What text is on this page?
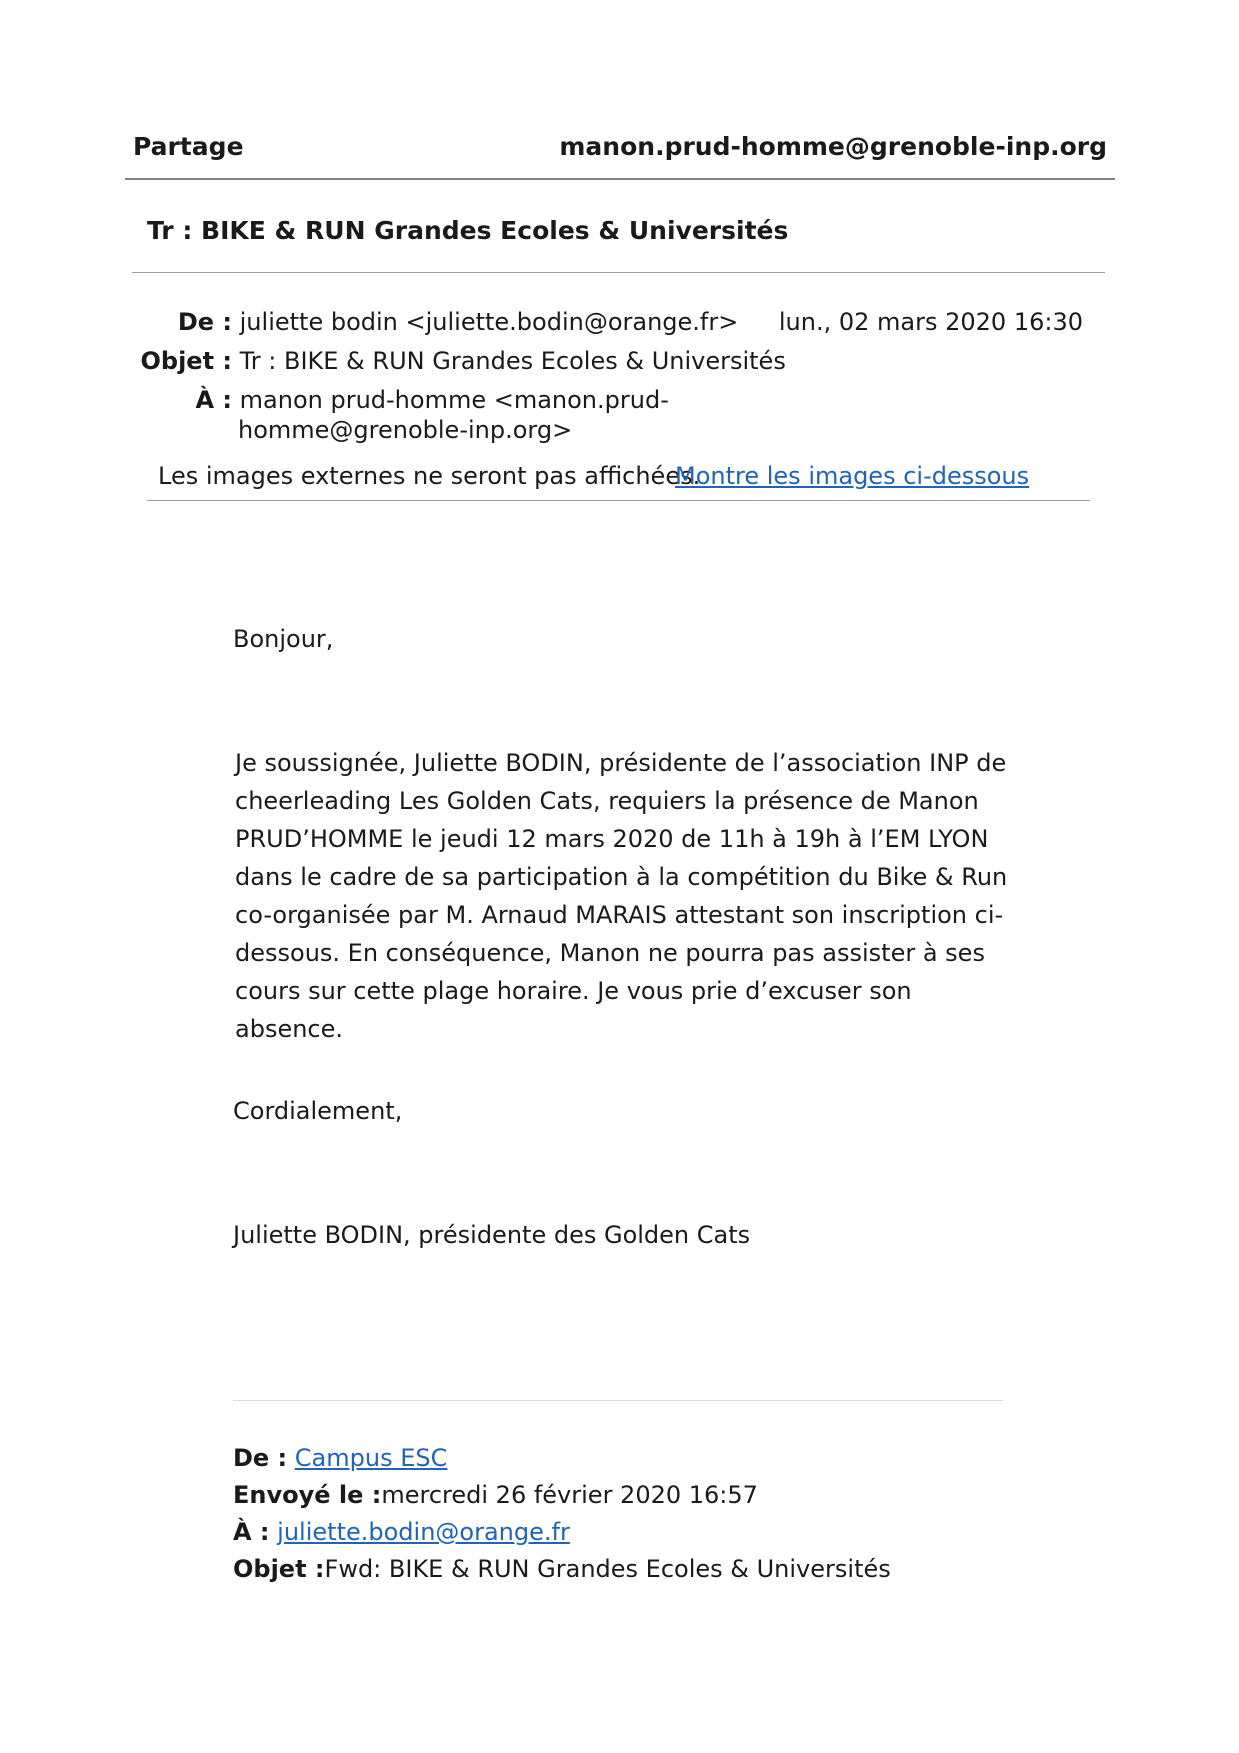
Partage	manon.prud-homme@grenoble-inp.org
Tr : BIKE & RUN Grandes Ecoles & Universités
De : juliette bodin <juliette.bodin@orange.fr> lun., 02 mars 2020 16:30
Objet : Tr : BIKE & RUN Grandes Ecoles & Universités
À : manon prud-homme <manon.prud-
homme@grenoble-inp.org>
Les images externes ne seront pas affichées.
Montre les images ci-dessous
Bonjour,
Je soussignée, Juliette BODIN, présidente de l’association INP de cheerleading Les Golden Cats, requiers la présence de Manon PRUD’HOMME le jeudi 12 mars 2020 de 11h à 19h à l’EM LYON dans le cadre de sa participation à la compétition du Bike & Run co-organisée par M. Arnaud MARAIS attestant son inscription ci-dessous. En conséquence, Manon ne pourra pas assister à ses cours sur cette plage horaire. Je vous prie d’excuser son absence.
Cordialement,
Juliette BODIN, présidente des Golden Cats
De : Campus ESC
Envoyé le :mercredi 26 février 2020 16:57
À : juliette.bodin@orange.fr
Objet :Fwd: BIKE & RUN Grandes Ecoles & Universités
